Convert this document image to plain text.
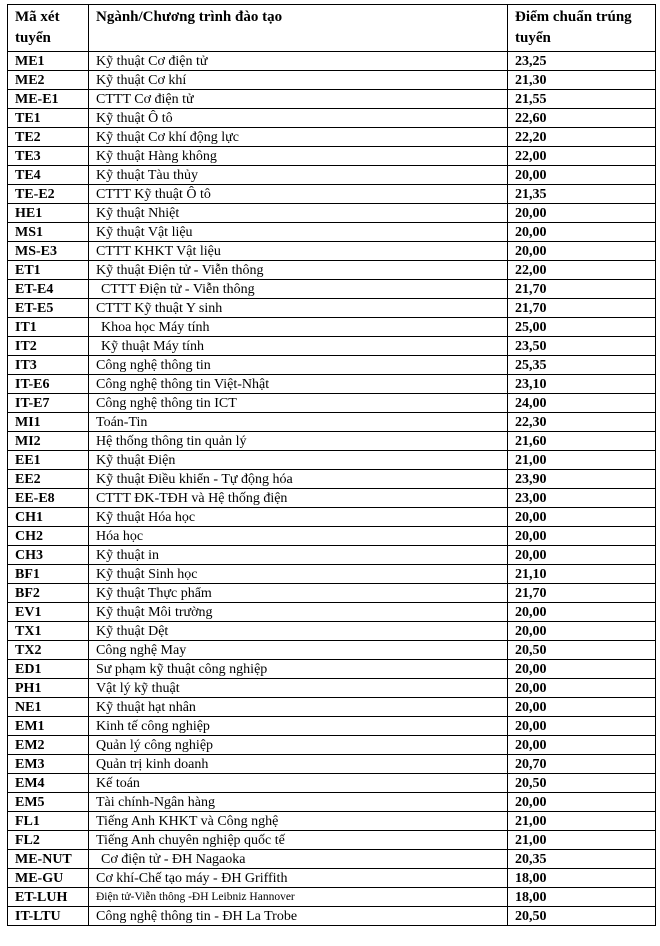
Mã xét tuyển	Ngành/Chương trình đào tạo	Điểm chuẩn trúng tuyển
ME1	Kỹ thuật Cơ điện tử	23,25
ME2	Kỹ thuật Cơ khí	21,30
ME-E1	CTTT Cơ điện tử	21,55
TE1	Kỹ thuật Ô tô	22,60
TE2	Kỹ thuật Cơ khí động lực	22,20
TE3	Kỹ thuật Hàng không	22,00
TE4	Kỹ thuật Tàu thủy	20,00
TE-E2	CTTT Kỹ thuật Ô tô	21,35
HE1	Kỹ thuật Nhiệt	20,00
MS1	Kỹ thuật Vật liệu	20,00
MS-E3	CTTT KHKT Vật liệu	20,00
ET1	Kỹ thuật Điện tử - Viễn thông	22,00
ET-E4	CTTT Điện tử - Viễn thông	21,70
ET-E5	CTTT Kỹ thuật Y sinh	21,70
IT1	Khoa học Máy tính	25,00
IT2	Kỹ thuật Máy tính	23,50
IT3	Công nghệ thông tin	25,35
IT-E6	Công nghệ thông tin Việt-Nhật	23,10
IT-E7	Công nghệ thông tin ICT	24,00
MI1	Toán-Tin	22,30
MI2	Hệ thống thông tin quản lý	21,60
EE1	Kỹ thuật Điện	21,00
EE2	Kỹ thuật Điều khiển - Tự động hóa	23,90
EE-E8	CTTT ĐK-TĐH và Hệ thống điện	23,00
CH1	Kỹ thuật Hóa học	20,00
CH2	Hóa học	20,00
CH3	Kỹ thuật in	20,00
BF1	Kỹ thuật Sinh học	21,10
BF2	Kỹ thuật Thực phẩm	21,70
EV1	Kỹ thuật Môi trường	20,00
TX1	Kỹ thuật Dệt	20,00
TX2	Công nghệ May	20,50
ED1	Sư phạm kỹ thuật công nghiệp	20,00
PH1	Vật lý kỹ thuật	20,00
NE1	Kỹ thuật hạt nhân	20,00
EM1	Kinh tế công nghiệp	20,00
EM2	Quản lý công nghiệp	20,00
EM3	Quản trị kinh doanh	20,70
EM4	Kế toán	20,50
EM5	Tài chính-Ngân hàng	20,00
FL1	Tiếng Anh KHKT và Công nghệ	21,00
FL2	Tiếng Anh chuyên nghiệp quốc tế	21,00
ME-NUT	Cơ điện tử - ĐH Nagaoka	20,35
ME-GU	Cơ khí-Chế tạo máy - ĐH Griffith	18,00
ET-LUH	Điện tử-Viễn thông -ĐH Leibniz Hannover	18,00
IT-LTU	Công nghệ thông tin - ĐH La Trobe	20,50
